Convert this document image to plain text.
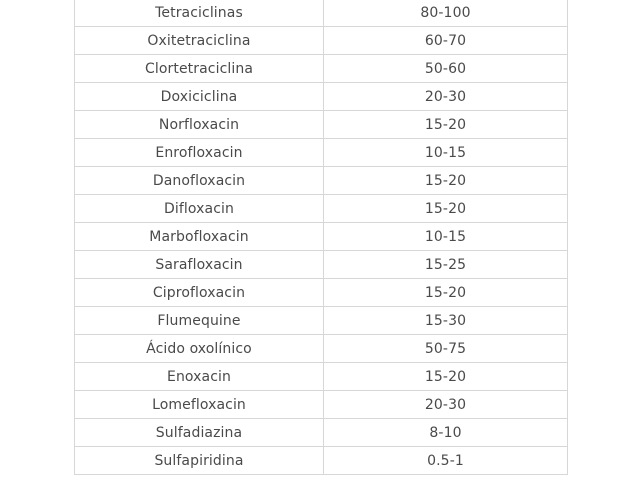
Tetraciclinas	80-100
Oxitetraciclina	60-70
Clortetraciclina	50-60
Doxiciclina	20-30
Norfloxacin	15-20
Enrofloxacin	10-15
Danofloxacin	15-20
Difloxacin	15-20
Marbofloxacin	10-15
Sarafloxacin	15-25
Ciprofloxacin	15-20
Flumequine	15-30
Ácido oxolínico	50-75
Enoxacin	15-20
Lomefloxacin	20-30
Sulfadiazina	8-10
Sulfapiridina	0.5-1
